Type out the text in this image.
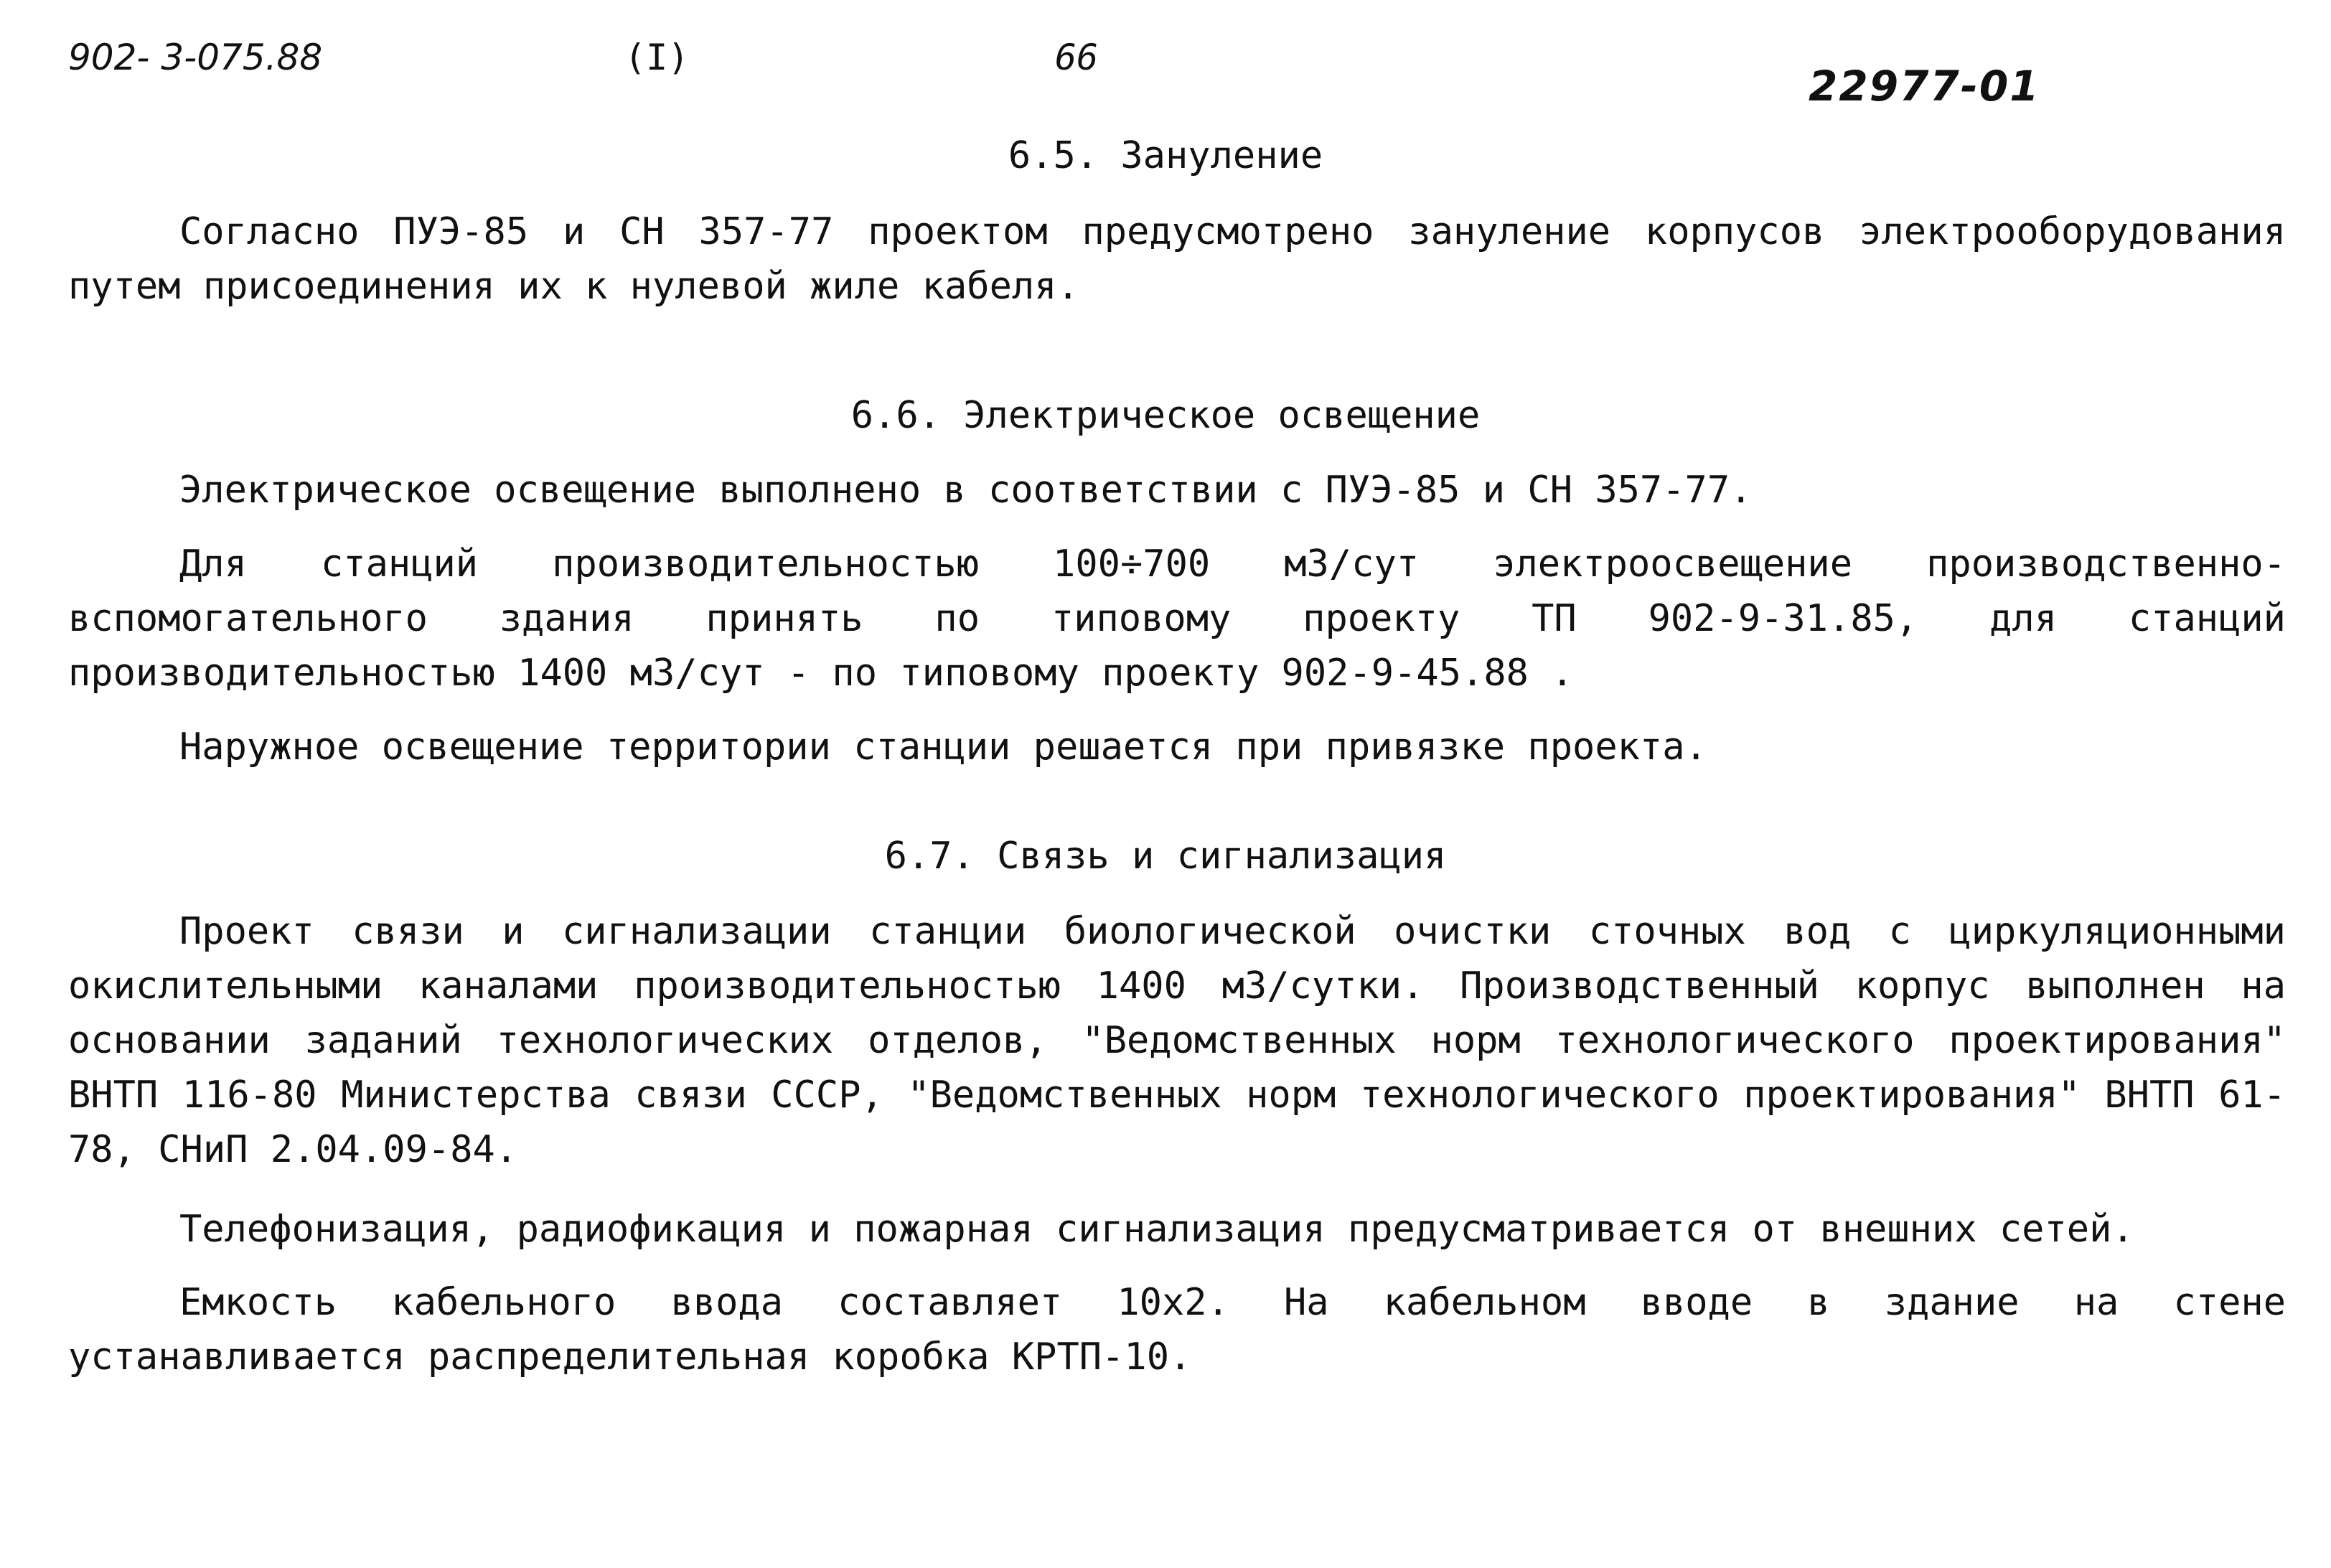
902- 3-075.88	(I)	66
22977-01
6.5. Зануление

Согласно ПУЭ-85 и СН 357-77 проектом предусмотрено зануление корпусов электрооборудования путем присоединения их к нулевой жиле кабеля.

6.6. Электрическое освещение

Электрическое освещение выполнено в соответствии с ПУЭ-85 и СН 357-77.

Для станций производительностью 100÷700 м3/сут электроосвещение производственно-вспомогательного здания принять по типовому проекту ТП 902-9-31.85, для станций производительностью 1400 м3/сут - по типовому проекту 902-9-45.88 .

Наружное освещение территории станции решается при привязке проекта.

6.7. Связь и сигнализация

Проект связи и сигнализации станции биологической очистки сточных вод с циркуляционными окислительными каналами производительностью 1400 м3/сутки. Производственный корпус выполнен на основании заданий технологических отделов, "Ведомственных норм технологического проектирования" ВНТП 116-80 Министерства связи СССР, "Ведомственных норм технологического проектирования" ВНТП 61-78, СНиП 2.04.09-84.

Телефонизация, радиофикация и пожарная сигнализация предусматривается от внешних сетей.

Емкость кабельного ввода составляет 10х2. На кабельном вводе в здание на стене устанавливается распределительная коробка КРТП-10.
